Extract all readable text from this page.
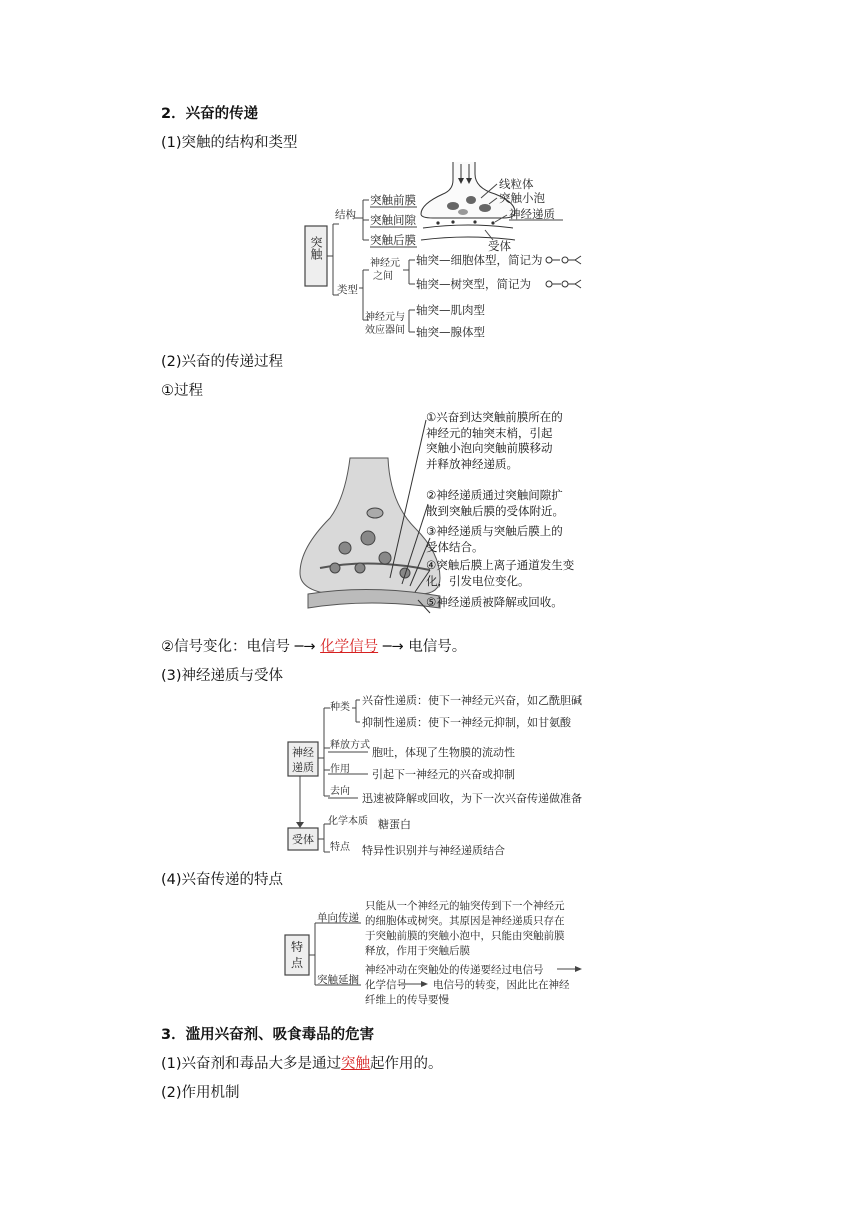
2．兴奋的传递
(1)突触的结构和类型
突触
结构
突触前膜
突触间隙
突触后膜
线粒体
突触小泡
神经递质
受体
类型
神经元
之间
轴突—细胞体型，简记为
轴突—树突型，简记为
神经元与
效应器间
轴突—肌肉型
轴突—腺体型
(2)兴奋的传递过程
①过程
①兴奋到达突触前膜所在的
神经元的轴突末梢，引起
突触小泡向突触前膜移动
并释放神经递质。
②神经递质通过突触间隙扩
散到突触后膜的受体附近。
③神经递质与突触后膜上的
受体结合。
④突触后膜上离子通道发生变
化，引发电位变化。
⑤神经递质被降解或回收。
②信号变化：电信号 ─→ 化学信号 ─→ 电信号。
(3)神经递质与受体
神经
递质
种类
兴奋性递质：使下一神经元兴奋，如乙酰胆碱
抑制性递质：使下一神经元抑制，如甘氨酸
释放方式
胞吐，体现了生物膜的流动性
作用 引起下一神经元的兴奋或抑制
去向
迅速被降解或回收，为下一次兴奋传递做准备
受体
化学本质 糖蛋白
特点 特异性识别并与神经递质结合
(4)兴奋传递的特点
特
点
单向传递
只能从一个神经元的轴突传到下一个神经元
的细胞体或树突。其原因是神经递质只存在
于突触前膜的突触小泡中，只能由突触前膜
释放，作用于突触后膜
突触延搁
神经冲动在突触处的传递要经过电信号
化学信号 电信号的转变，因此比在神经
纤维上的传导要慢
3．滥用兴奋剂、吸食毒品的危害
(1)兴奋剂和毒品大多是通过突触起作用的。
(2)作用机制
